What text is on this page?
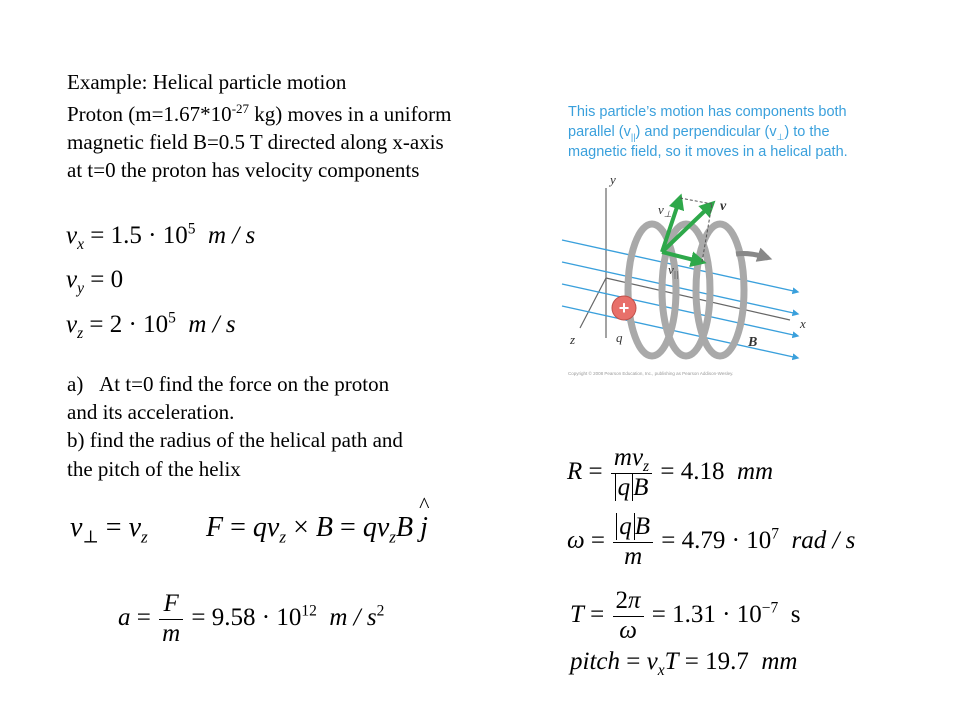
Example: Helical particle motion
Proton ($m=1.67*10^{-27}$ kg) moves in a uniform
magnetic field B=0.5 T directed along x-axis
at t=0 the proton has velocity components
$v_x = 1.5 \cdot 10^5$ m / s
$v_y = 0$
$v_z = 2 \cdot 10^5$ m / s
a) At t=0 find the force on the proton
and its acceleration.
b) find the radius of the helical path and
the pitch of the helix
$v_\perp = v_z$ $F = qv_z \times B = qv_zB$ j
^
$a = \frac{F}{m} = 9.58 \cdot 10^{12}$ m / $s^2$
$R = \frac{mv_z}{\text{q B}} = 4.18$ mm
$\omega = \frac{\text{q B}}{m} = 4.79 \cdot 10^7$ rad / s
$T = \frac{2\pi}{\omega} = 1.31 \cdot 10^{-7}$ s
pitch = $v_xT = 19.7$ mm
This particle’s motion has components both
parallel $(v_{||})$ and perpendicular $(v_\perp)$ to the
magnetic field, so it moves in a helical path.
+
y
z
x
q	B
v
$v_\perp$
$v_{||}$
Copyright © 2008 Pearson Education, Inc., publishing as Pearson Addison-Wesley.
